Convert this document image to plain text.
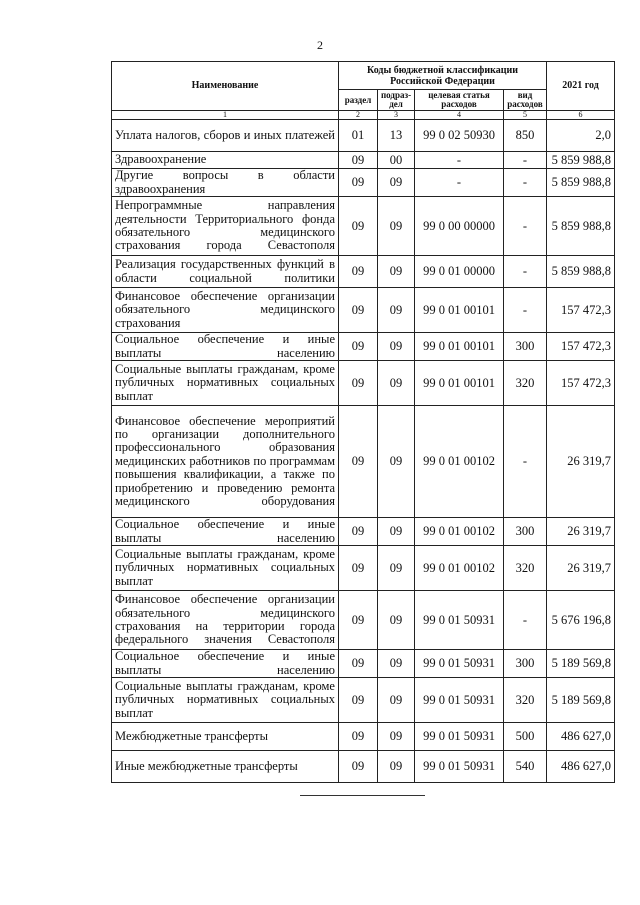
2
Наименование	Коды бюджетной классификации Российской Федерации				2021 год
	раздел	подраз-дел	целевая статья расходов	вид расходов	
1	2	3	4	5	6
Уплата налогов, сборов и иных платежей	01	13	99 0 02 50930	850	2,0
Здравоохранение	09	00	-	-	5 859 988,8
Другие вопросы в области здравоохранения	09	09	-	-	5 859 988,8
Непрограммные направления деятельности Территориального фонда обязательного медицинского страхования города Севастополя	09	09	99 0 00 00000	-	5 859 988,8
Реализация государственных функций в области социальной политики	09	09	99 0 01 00000	-	5 859 988,8
Финансовое обеспечение организации обязательного медицинского страхования	09	09	99 0 01 00101	-	157 472,3
Социальное обеспечение и иные выплаты населению	09	09	99 0 01 00101	300	157 472,3
Социальные выплаты гражданам, кроме публичных нормативных социальных выплат	09	09	99 0 01 00101	320	157 472,3
Финансовое обеспечение мероприятий по организации дополнительного профессионального образования медицинских работников по программам повышения квалификации, а также по приобретению и проведению ремонта медицинского оборудования	09	09	99 0 01 00102	-	26 319,7
Социальное обеспечение и иные выплаты населению	09	09	99 0 01 00102	300	26 319,7
Социальные выплаты гражданам, кроме публичных нормативных социальных выплат	09	09	99 0 01 00102	320	26 319,7
Финансовое обеспечение организации обязательного медицинского страхования на территории города федерального значения Севастополя	09	09	99 0 01 50931	-	5 676 196,8
Социальное обеспечение и иные выплаты населению	09	09	99 0 01 50931	300	5 189 569,8
Социальные выплаты гражданам, кроме публичных нормативных социальных выплат	09	09	99 0 01 50931	320	5 189 569,8
Межбюджетные трансферты	09	09	99 0 01 50931	500	486 627,0
Иные межбюджетные трансферты	09	09	99 0 01 50931	540	486 627,0
